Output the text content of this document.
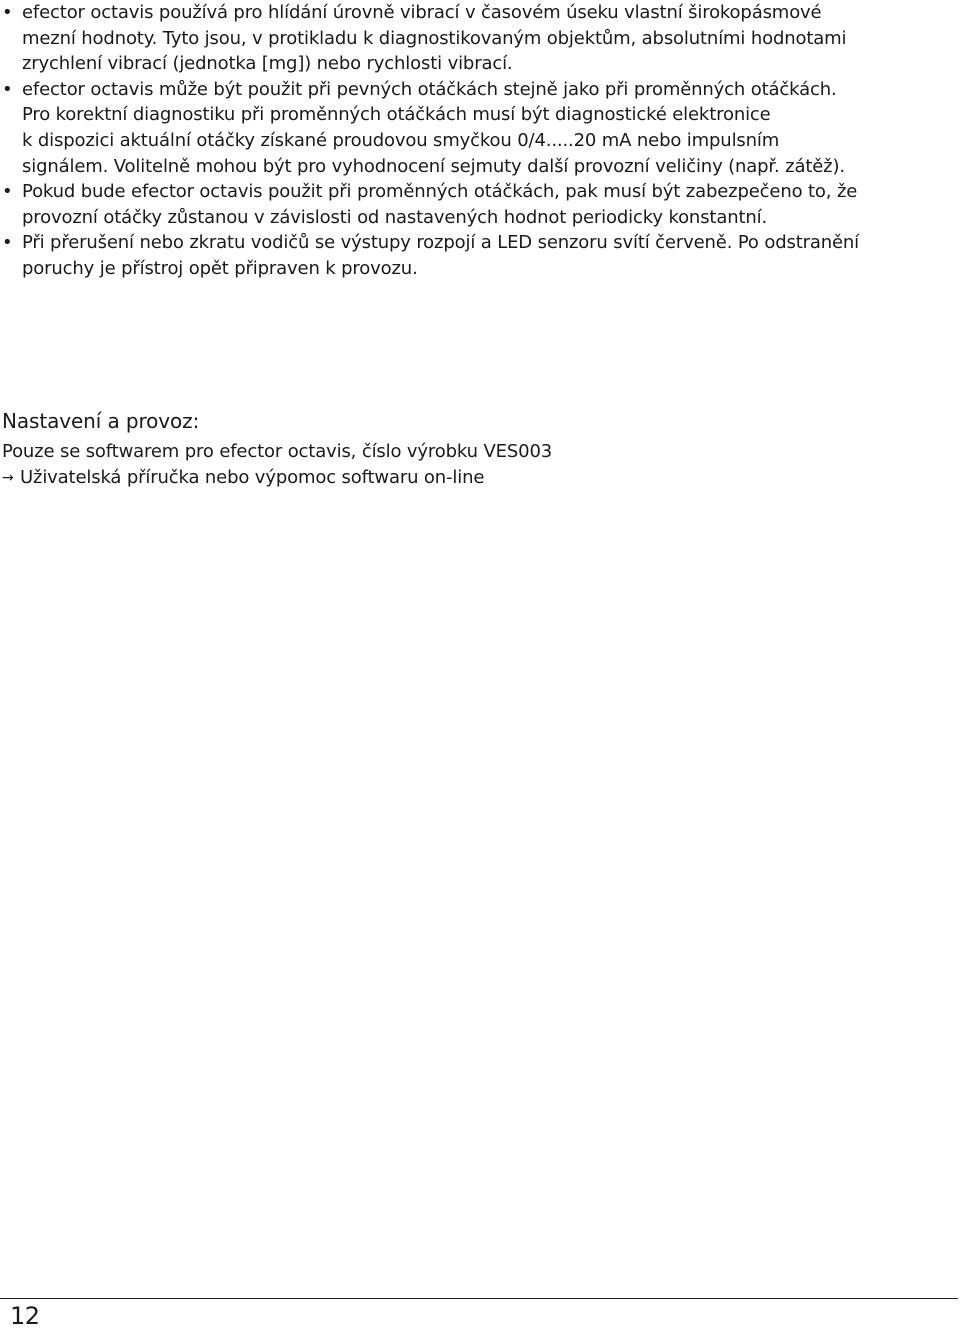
• efector octavis používá pro hlídání úrovně vibrací v časovém úseku vlastní širokopásmové
mezní hodnoty. Tyto jsou, v protikladu k diagnostikovaným objektům, absolutními hodnotami
zrychlení vibrací (jednotka [mg]) nebo rychlosti vibrací.
• efector octavis může být použit při pevných otáčkách stejně jako při proměnných otáčkách.
Pro korektní diagnostiku při proměnných otáčkách musí být diagnostické elektronice
k dispozici aktuální otáčky získané proudovou smyčkou 0/4.....20 mA nebo impulsním
signálem. Volitelně mohou být pro vyhodnocení sejmuty další provozní veličiny (např. zátěž).
• Pokud bude efector octavis použit při proměnných otáčkách, pak musí být zabezpečeno to, že
provozní otáčky zůstanou v závislosti od nastavených hodnot periodicky konstantní.
• Při přerušení nebo zkratu vodičů se výstupy rozpojí a LED senzoru svítí červeně. Po odstranění
poruchy je přístroj opět připraven k provozu.
Nastavení a provoz:

Pouze se softwarem pro efector octavis, číslo výrobku VES003

→ Uživatelská příručka nebo výpomoc softwaru on-line

12
